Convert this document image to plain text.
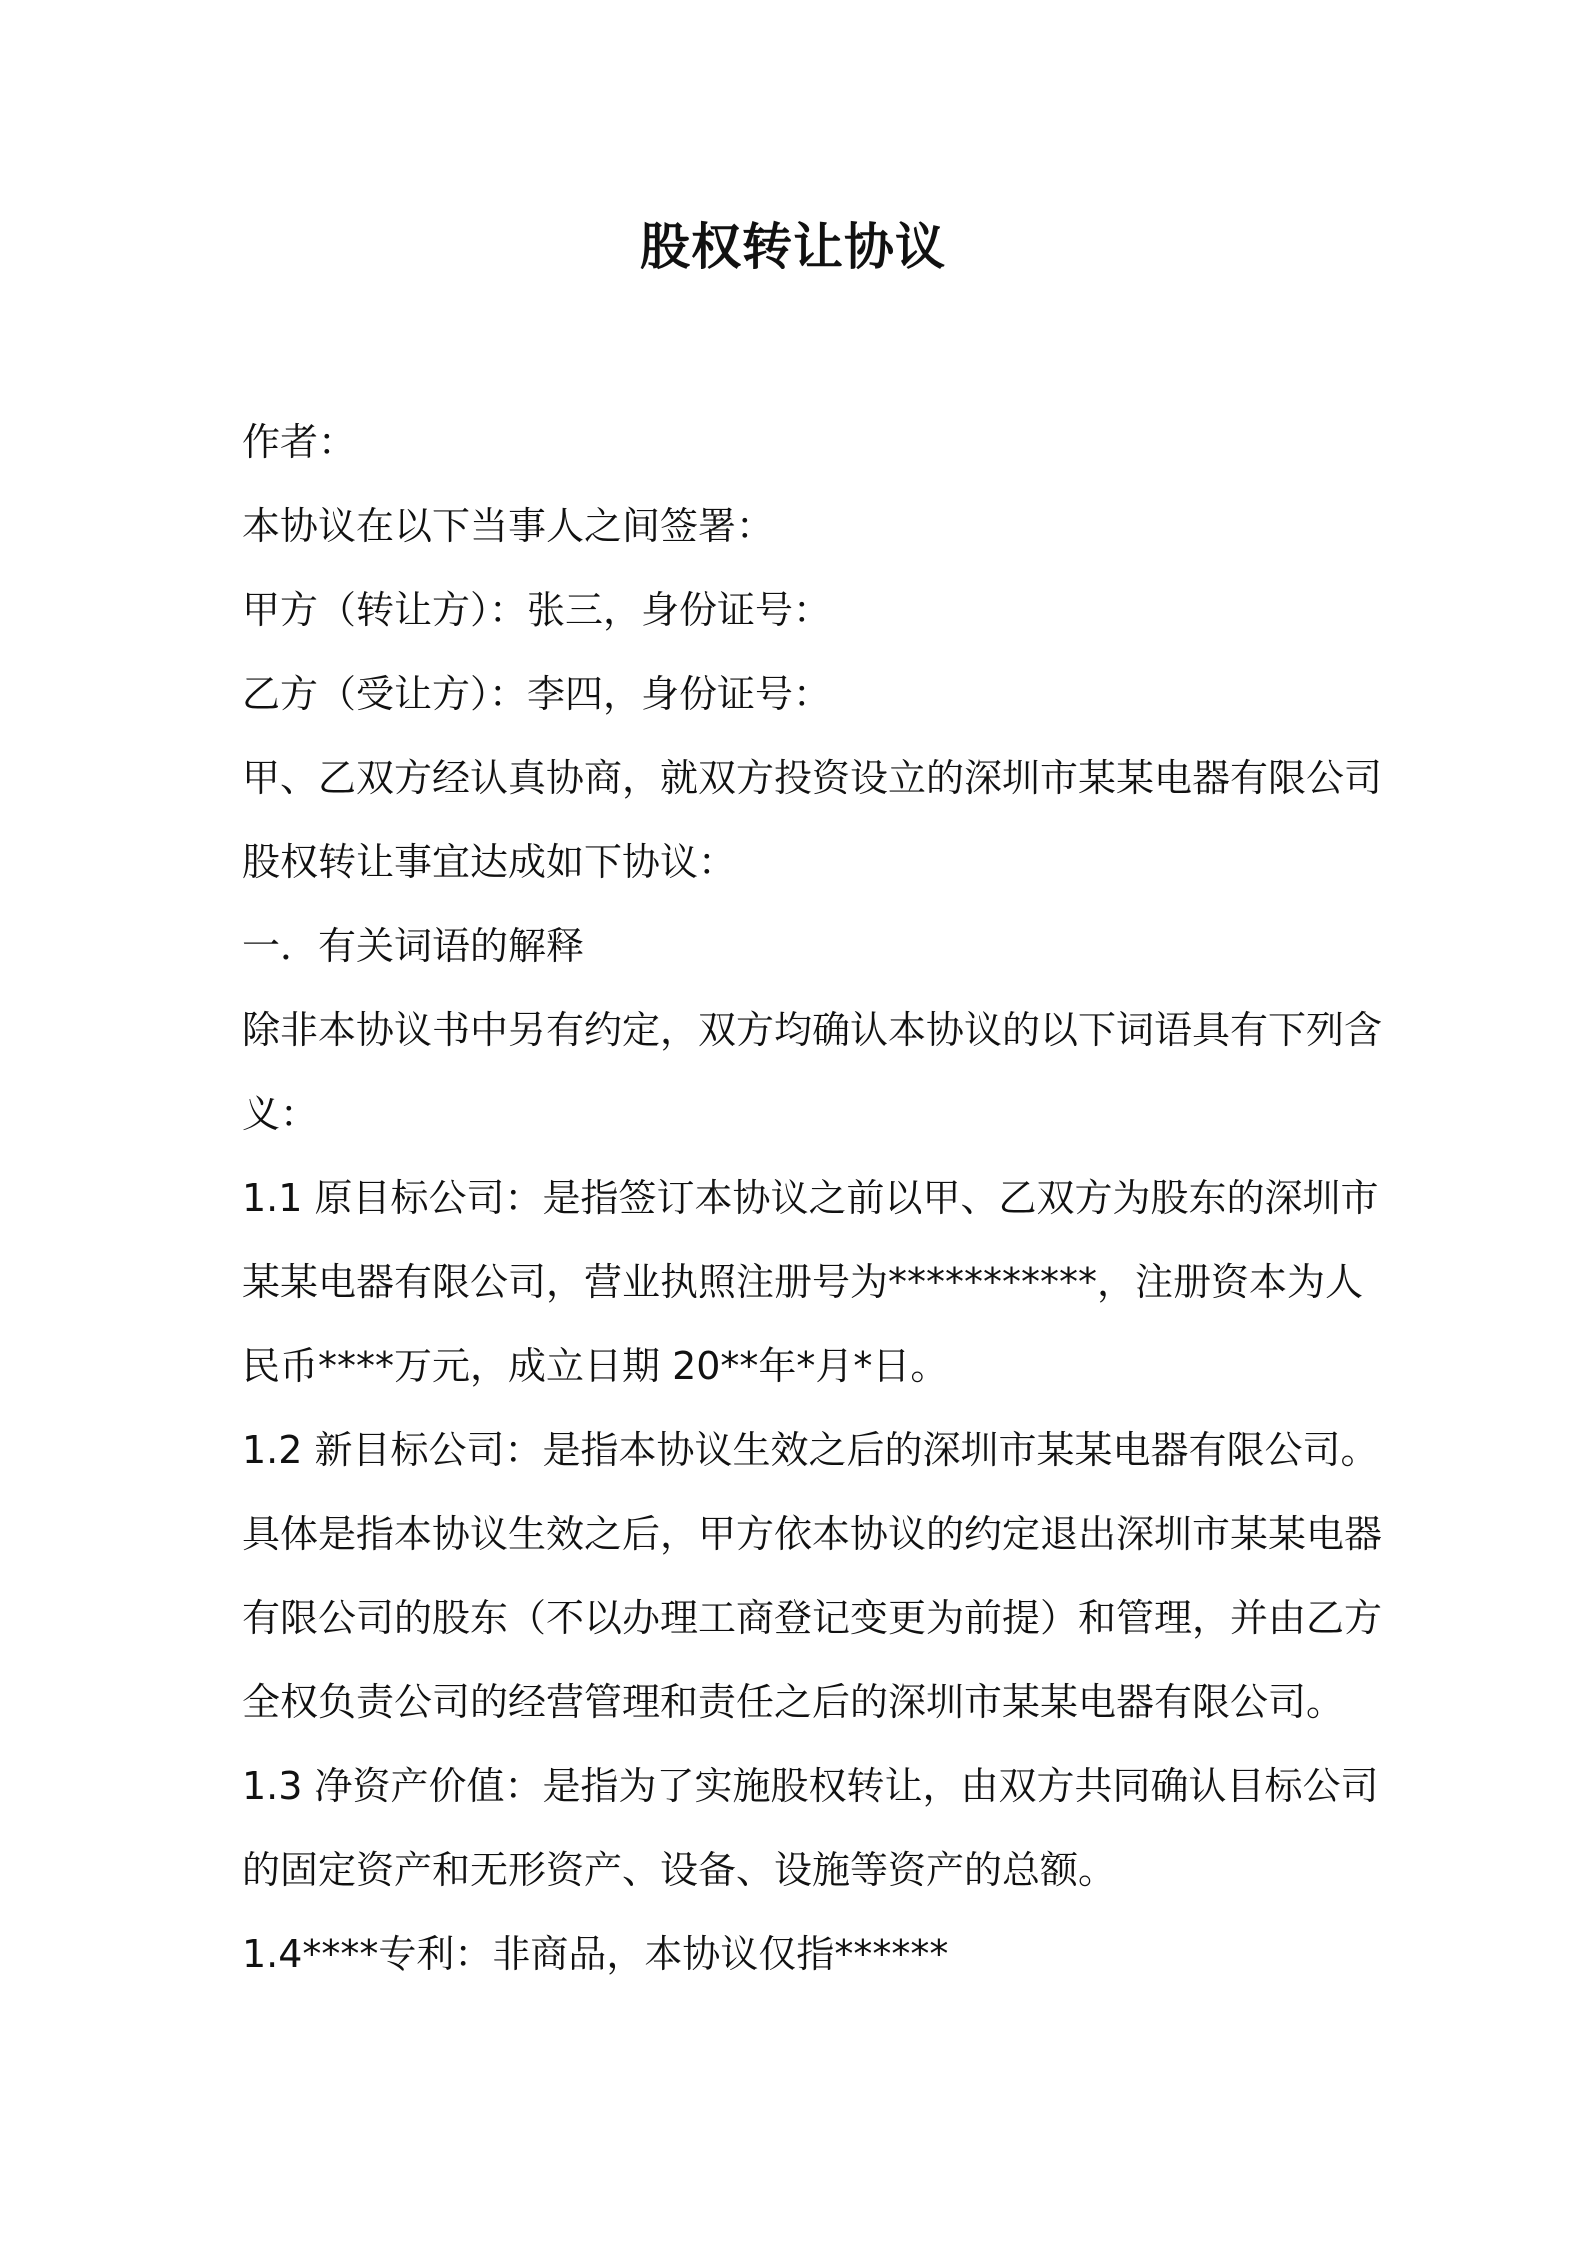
股权转让协议
作者：
本协议在以下当事人之间签署：
甲方（转让方）：张三，身份证号：
乙方（受让方）：李四，身份证号：
甲、乙双方经认真协商，就双方投资设立的深圳市某某电器有限公司
股权转让事宜达成如下协议：
一．有关词语的解释
除非本协议书中另有约定，双方均确认本协议的以下词语具有下列含
义：
1.1 原目标公司：是指签订本协议之前以甲、乙双方为股东的深圳市
某某电器有限公司，营业执照注册号为***********，注册资本为人
民币****万元，成立日期 20**年*月*日。
1.2 新目标公司：是指本协议生效之后的深圳市某某电器有限公司。
具体是指本协议生效之后，甲方依本协议的约定退出深圳市某某电器
有限公司的股东（不以办理工商登记变更为前提）和管理，并由乙方
全权负责公司的经营管理和责任之后的深圳市某某电器有限公司。
1.3 净资产价值：是指为了实施股权转让，由双方共同确认目标公司
的固定资产和无形资产、设备、设施等资产的总额。
1.4****专利：非商品，本协议仅指******
